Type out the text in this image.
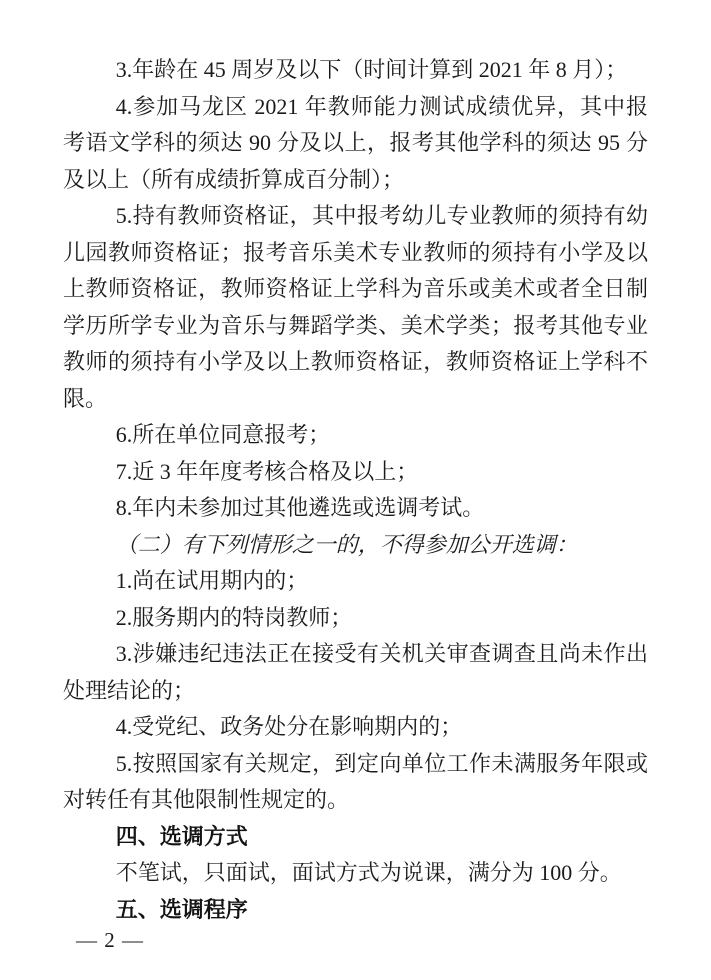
3.年龄在 45 周岁及以下（时间计算到 2021 年 8 月）；

4.参加马龙区 2021 年教师能力测试成绩优异，其中报考语文学科的须达 90 分及以上，报考其他学科的须达 95 分及以上（所有成绩折算成百分制）；

5.持有教师资格证，其中报考幼儿专业教师的须持有幼儿园教师资格证；报考音乐美术专业教师的须持有小学及以上教师资格证，教师资格证上学科为音乐或美术或者全日制学历所学专业为音乐与舞蹈学类、美术学类；报考其他专业教师的须持有小学及以上教师资格证，教师资格证上学科不限。

6.所在单位同意报考；

7.近 3 年年度考核合格及以上；

8.年内未参加过其他遴选或选调考试。

（二）有下列情形之一的，不得参加公开选调：

1.尚在试用期内的；

2.服务期内的特岗教师；

3.涉嫌违纪违法正在接受有关机关审查调查且尚未作出处理结论的；

4.受党纪、政务处分在影响期内的；

5.按照国家有关规定，到定向单位工作未满服务年限或对转任有其他限制性规定的。

四、选调方式

不笔试，只面试，面试方式为说课，满分为 100 分。

五、选调程序

— 2 —
